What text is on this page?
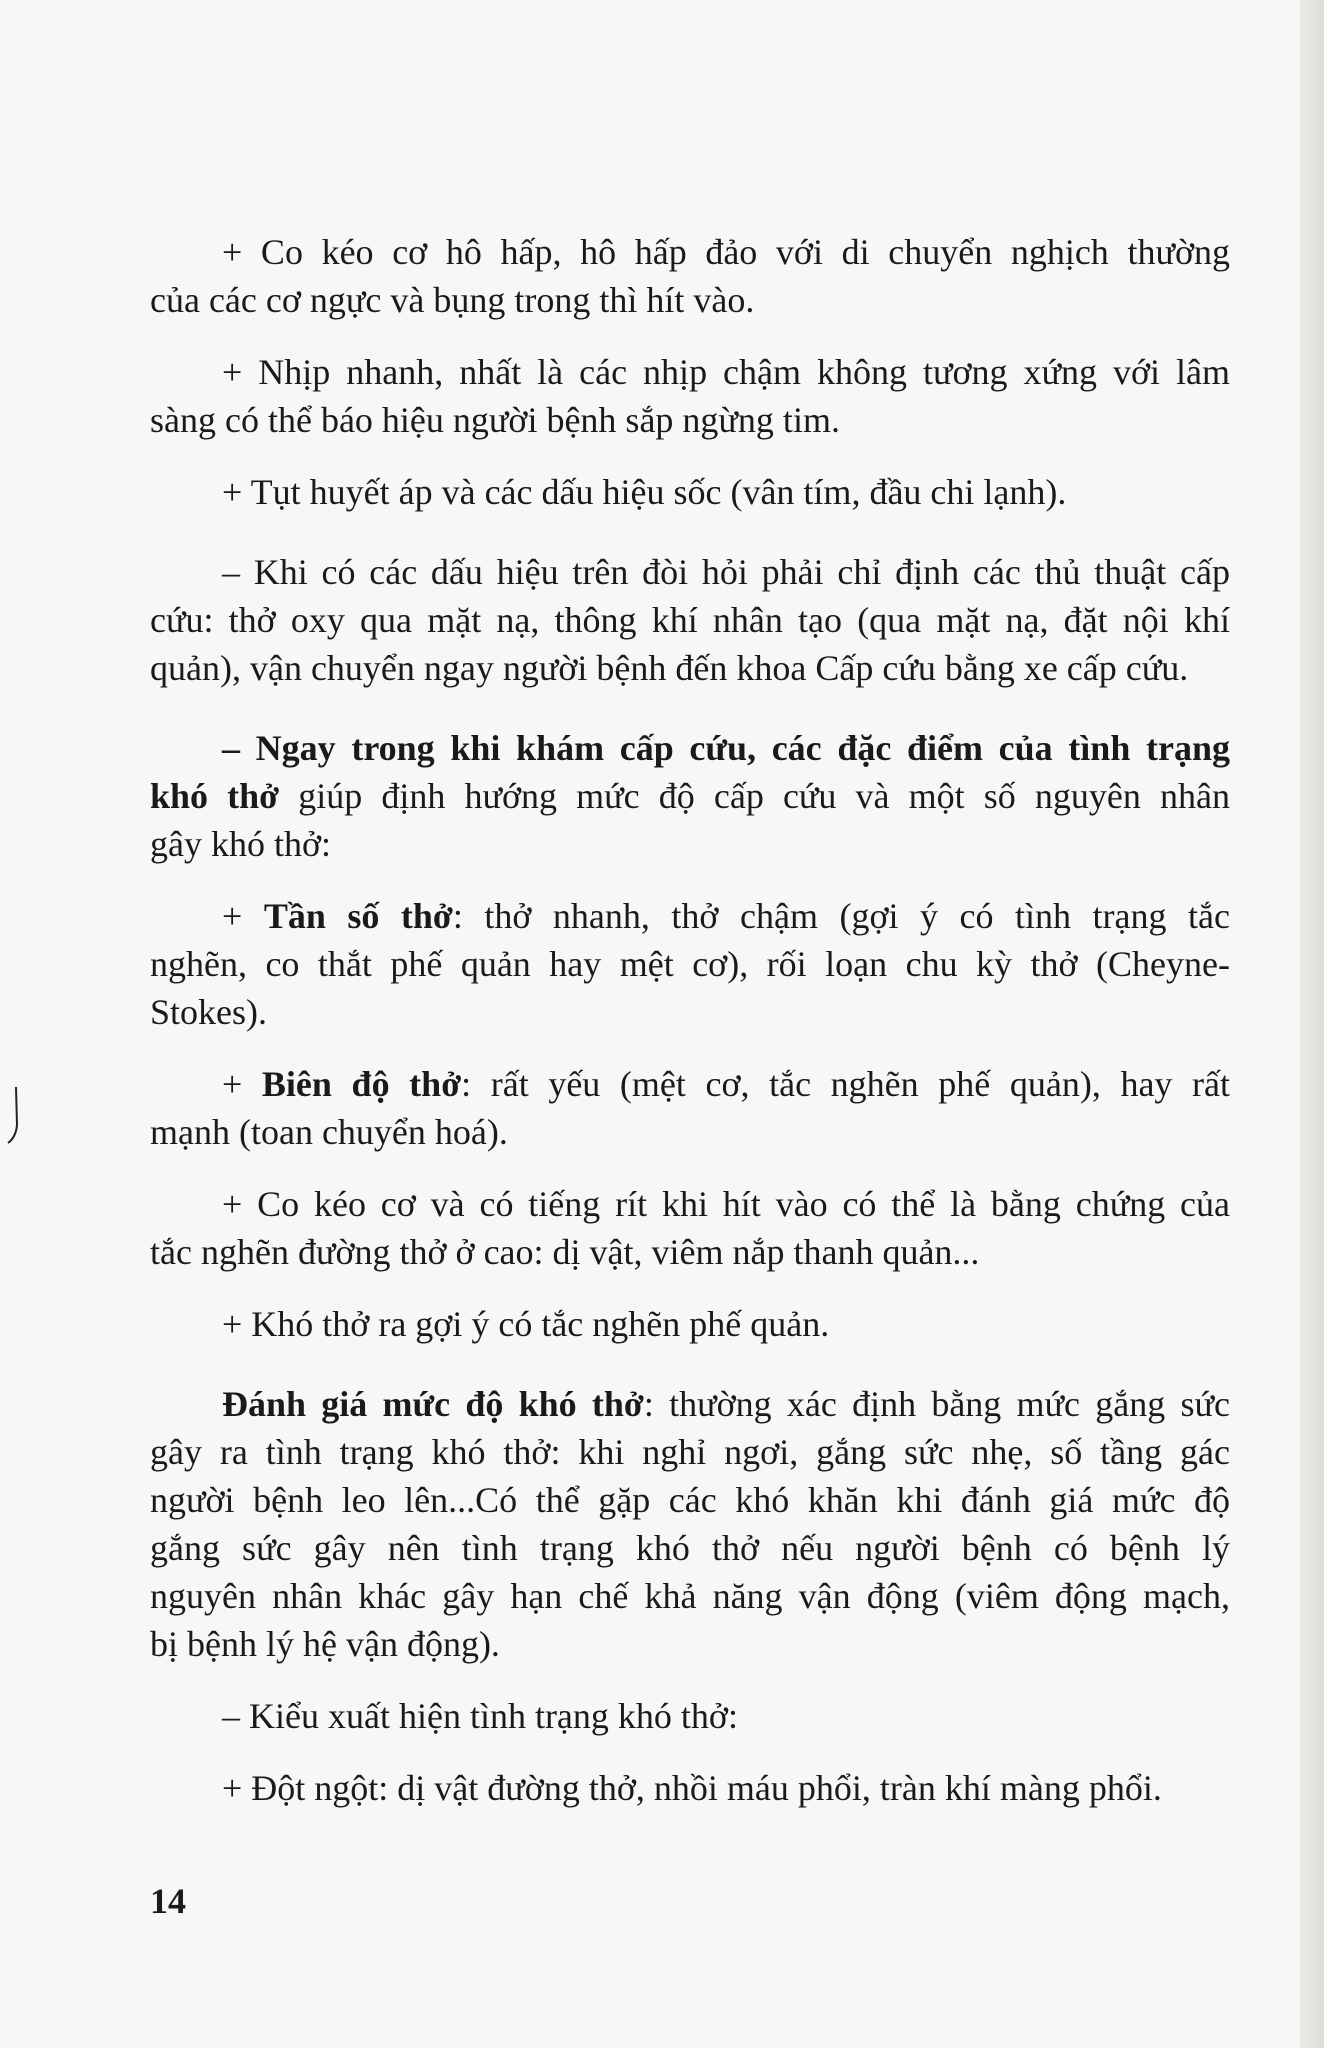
+ Co kéo cơ hô hấp, hô hấp đảo với di chuyển nghịch thường
của các cơ ngực và bụng trong thì hít vào.
+ Nhịp nhanh, nhất là các nhịp chậm không tương xứng với lâm
sàng có thể báo hiệu người bệnh sắp ngừng tim.
+ Tụt huyết áp và các dấu hiệu sốc (vân tím, đầu chi lạnh).
– Khi có các dấu hiệu trên đòi hỏi phải chỉ định các thủ thuật cấp
cứu: thở oxy qua mặt nạ, thông khí nhân tạo (qua mặt nạ, đặt nội khí
quản), vận chuyển ngay người bệnh đến khoa Cấp cứu bằng xe cấp cứu.
– Ngay trong khi khám cấp cứu, các đặc điểm của tình trạng
khó thở giúp định hướng mức độ cấp cứu và một số nguyên nhân
gây khó thở:
+ Tần số thở: thở nhanh, thở chậm (gợi ý có tình trạng tắc
nghẽn, co thắt phế quản hay mệt cơ), rối loạn chu kỳ thở (Cheyne-
Stokes).
+ Biên độ thở: rất yếu (mệt cơ, tắc nghẽn phế quản), hay rất
mạnh (toan chuyển hoá).
+ Co kéo cơ và có tiếng rít khi hít vào có thể là bằng chứng của
tắc nghẽn đường thở ở cao: dị vật, viêm nắp thanh quản...
+ Khó thở ra gợi ý có tắc nghẽn phế quản.
Đánh giá mức độ khó thở: thường xác định bằng mức gắng sức
gây ra tình trạng khó thở: khi nghỉ ngơi, gắng sức nhẹ, số tầng gác
người bệnh leo lên...Có thể gặp các khó khăn khi đánh giá mức độ
gắng sức gây nên tình trạng khó thở nếu người bệnh có bệnh lý
nguyên nhân khác gây hạn chế khả năng vận động (viêm động mạch,
bị bệnh lý hệ vận động).
– Kiểu xuất hiện tình trạng khó thở:
+ Đột ngột: dị vật đường thở, nhồi máu phổi, tràn khí màng phổi.
14
